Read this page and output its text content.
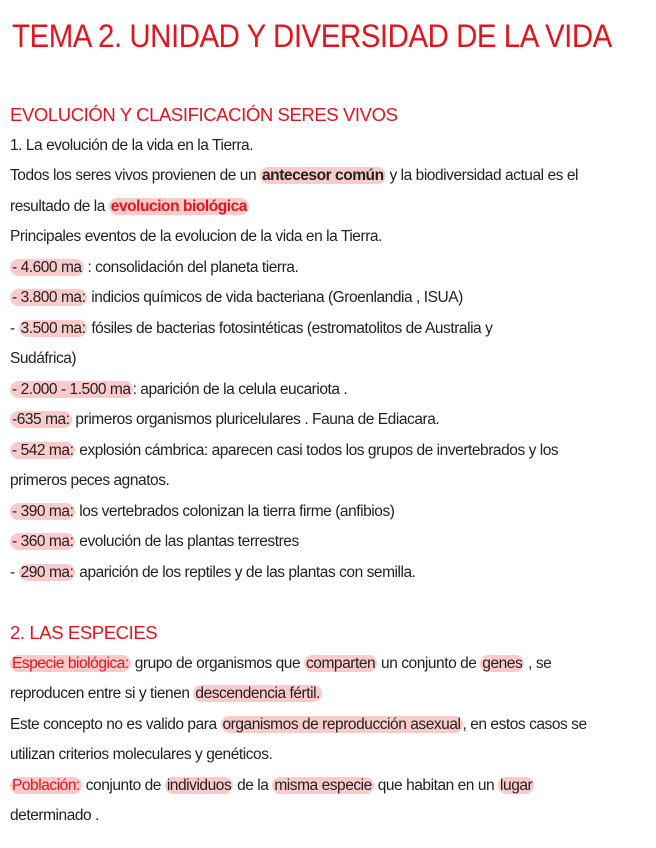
TEMA 2. UNIDAD Y DIVERSIDAD DE LA VIDA
EVOLUCIÓN Y CLASIFICACIÓN SERES VIVOS
1. La evolución de la vida en la Tierra.
Todos los seres vivos provienen de un antecesor común y la biodiversidad actual es el
resultado de la evolucion biológica
Principales eventos de la evolucion de la vida en la Tierra.
- 4.600 ma : consolidación del planeta tierra.
- 3.800 ma: indicios químicos de vida bacteriana (Groenlandia , ISUA)
- 3.500 ma: fósiles de bacterias fotosintéticas (estromatolitos de Australia y
Sudáfrica)
- 2.000 - 1.500 ma : aparición de la celula eucariota .
-635 ma: primeros organismos pluricelulares . Fauna de Ediacara.
- 542 ma: explosión cámbrica: aparecen casi todos los grupos de invertebrados y los
primeros peces agnatos.
- 390 ma: los vertebrados colonizan la tierra firme (anfibios)
- 360 ma: evolución de las plantas terrestres
- 290 ma: aparición de los reptiles y de las plantas con semilla.
2. LAS ESPECIES
Especie biológica: grupo de organismos que comparten un conjunto de genes , se
reproducen entre si y tienen descendencia fértil.
Este concepto no es valido para organismos de reproducción asexual , en estos casos se
utilizan criterios moleculares y genéticos.
Población: conjunto de individuos de la misma especie que habitan en un lugar
determinado .
